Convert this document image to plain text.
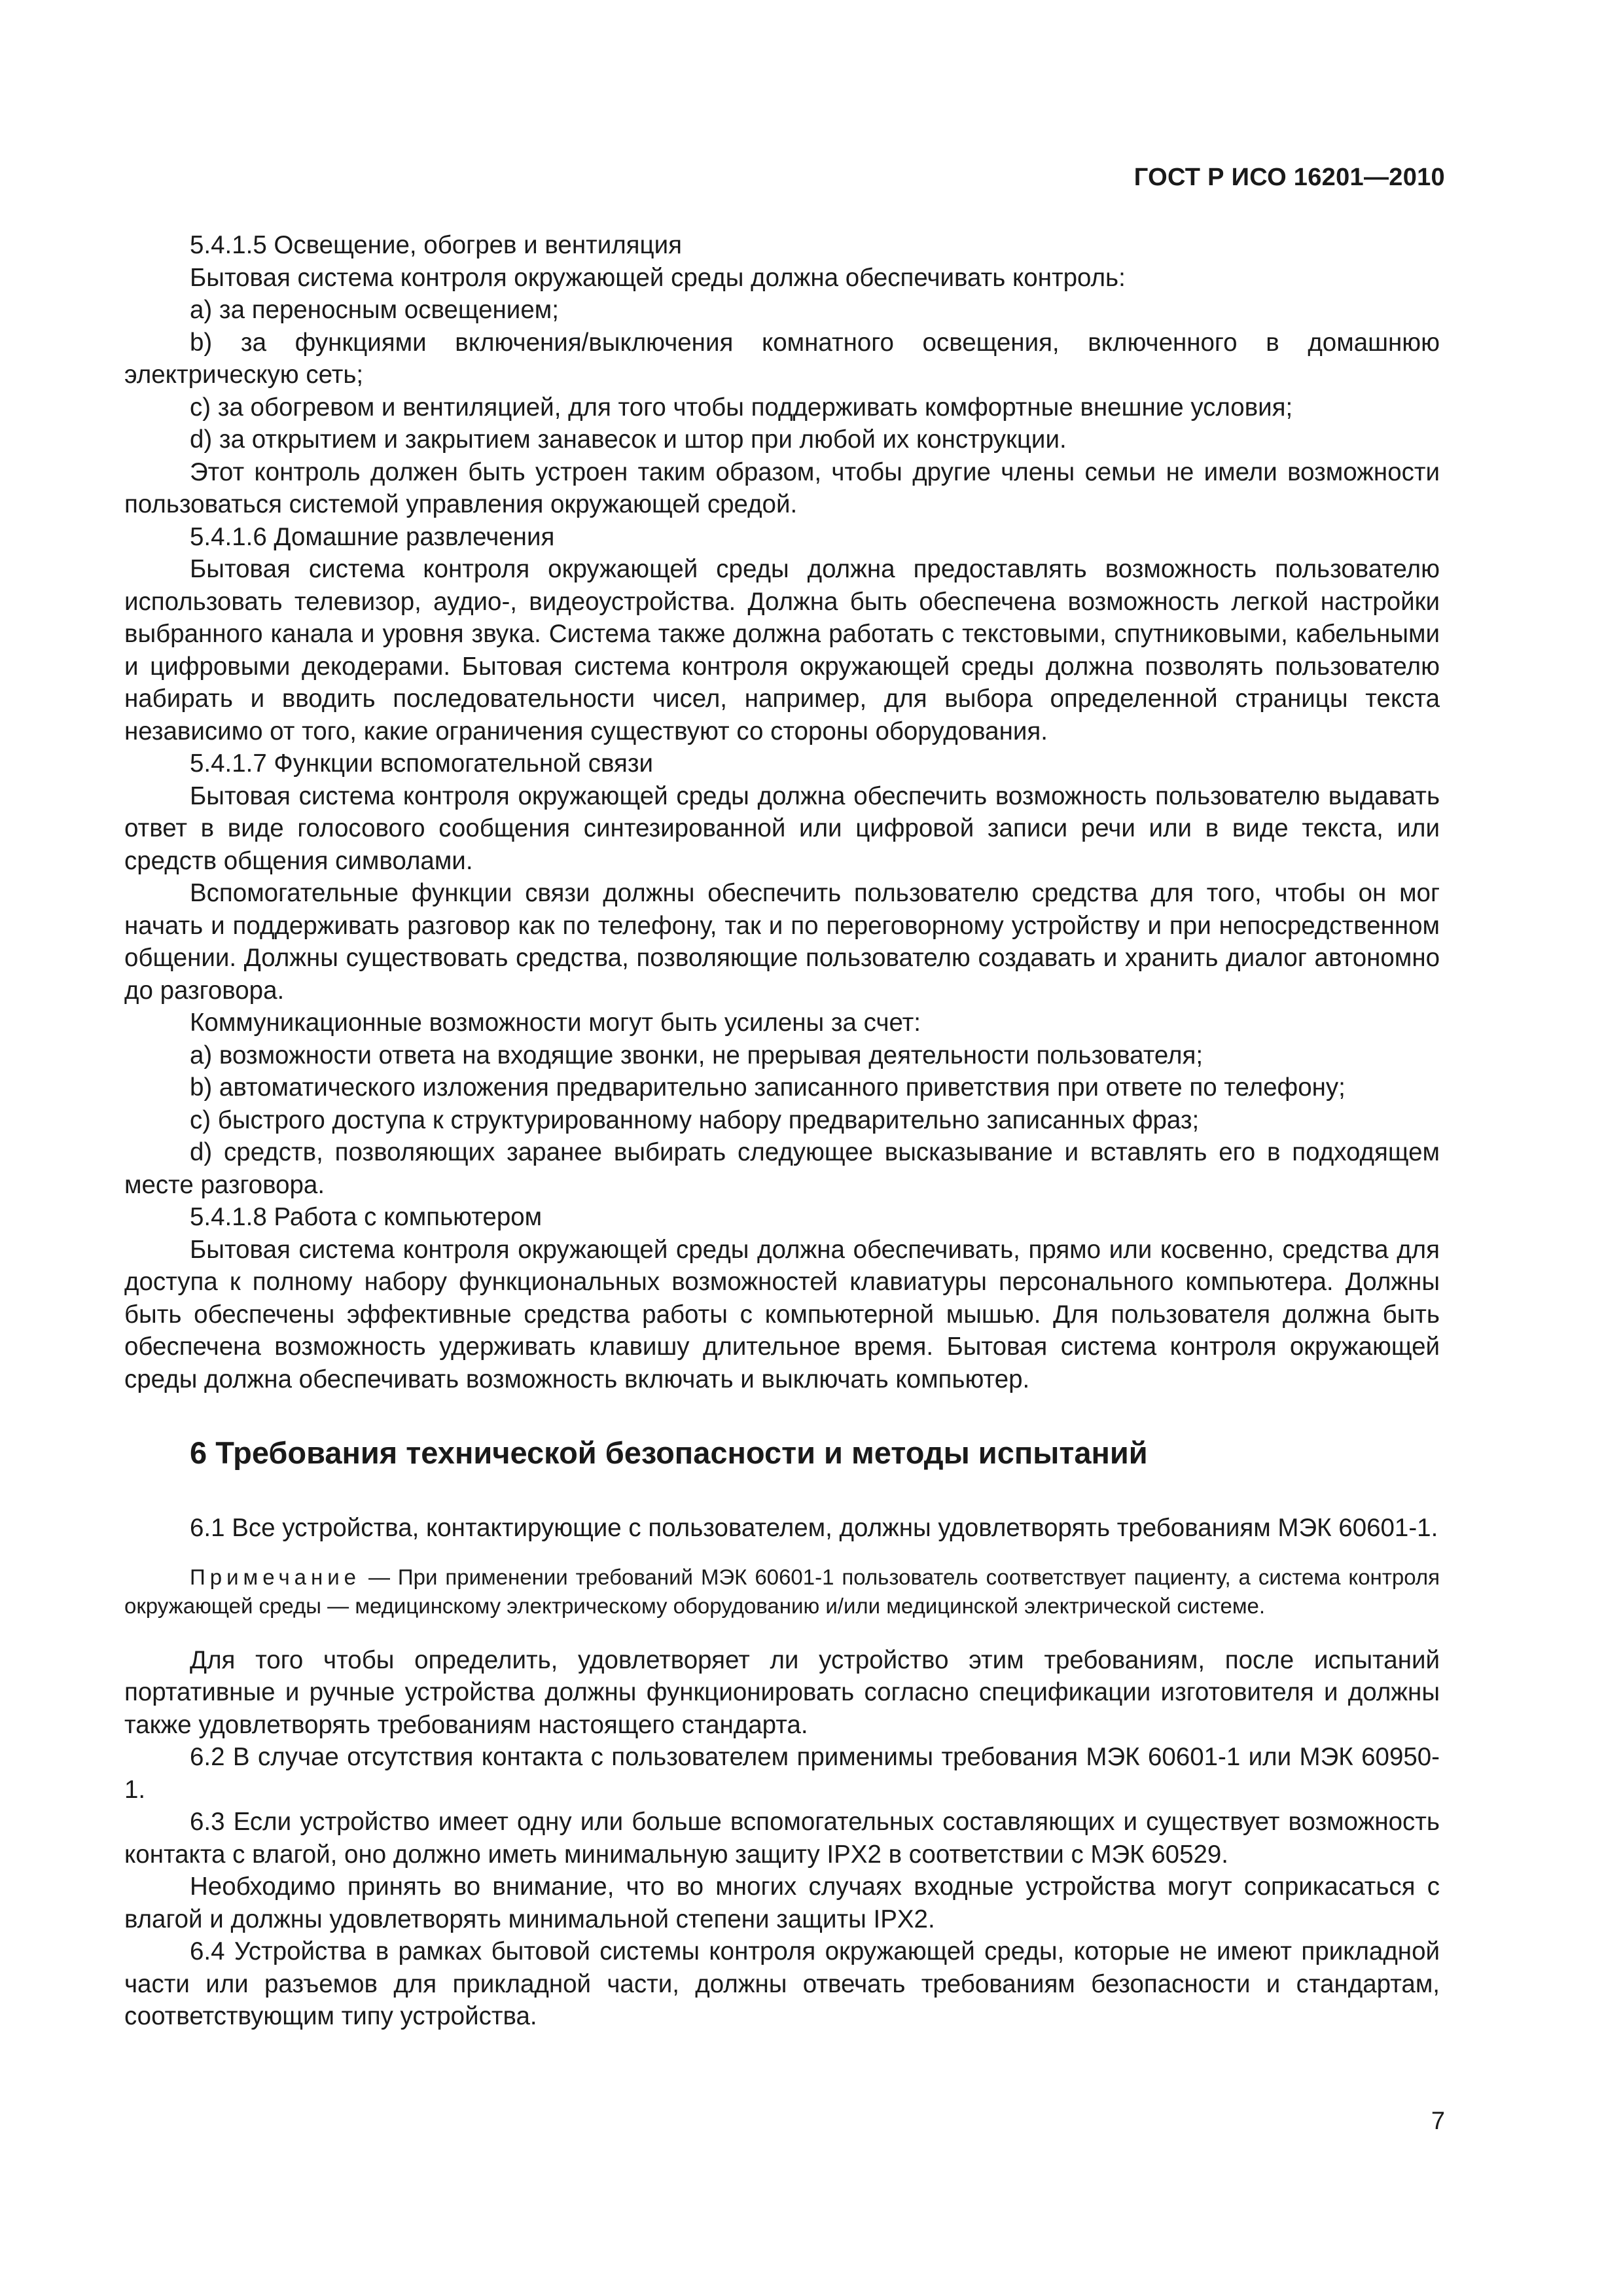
ГОСТ Р ИСО 16201—2010

5.4.1.5 Освещение, обогрев и вентиляция

Бытовая система контроля окружающей среды должна обеспечивать контроль:

a) за переносным освещением;

b) за функциями включения/выключения комнатного освещения, включенного в домашнюю электрическую сеть;

c) за обогревом и вентиляцией, для того чтобы поддерживать комфортные внешние условия;

d) за открытием и закрытием занавесок и штор при любой их конструкции.

Этот контроль должен быть устроен таким образом, чтобы другие члены семьи не имели возможности пользоваться системой управления окружающей средой.

5.4.1.6 Домашние развлечения

Бытовая система контроля окружающей среды должна предоставлять возможность пользователю использовать телевизор, аудио-, видеоустройства. Должна быть обеспечена возможность легкой настройки выбранного канала и уровня звука. Система также должна работать с текстовыми, спутниковыми, кабельными и цифровыми декодерами. Бытовая система контроля окружающей среды должна позволять пользователю набирать и вводить последовательности чисел, например, для выбора определенной страницы текста независимо от того, какие ограничения существуют со стороны оборудования.

5.4.1.7 Функции вспомогательной связи

Бытовая система контроля окружающей среды должна обеспечить возможность пользователю выдавать ответ в виде голосового сообщения синтезированной или цифровой записи речи или в виде текста, или средств общения символами.

Вспомогательные функции связи должны обеспечить пользователю средства для того, чтобы он мог начать и поддерживать разговор как по телефону, так и по переговорному устройству и при непосредственном общении. Должны существовать средства, позволяющие пользователю создавать и хранить диалог автономно до разговора.

Коммуникационные возможности могут быть усилены за счет:

a) возможности ответа на входящие звонки, не прерывая деятельности пользователя;

b) автоматического изложения предварительно записанного приветствия при ответе по телефону;

c) быстрого доступа к структурированному набору предварительно записанных фраз;

d) средств, позволяющих заранее выбирать следующее высказывание и вставлять его в подходящем месте разговора.

5.4.1.8 Работа с компьютером

Бытовая система контроля окружающей среды должна обеспечивать, прямо или косвенно, средства для доступа к полному набору функциональных возможностей клавиатуры персонального компьютера. Должны быть обеспечены эффективные средства работы с компьютерной мышью. Для пользователя должна быть обеспечена возможность удерживать клавишу длительное время. Бытовая система контроля окружающей среды должна обеспечивать возможность включать и выключать компьютер.

6 Требования технической безопасности и методы испытаний

6.1 Все устройства, контактирующие с пользователем, должны удовлетворять требованиям МЭК 60601-1.

Примечание — При применении требований МЭК 60601-1 пользователь соответствует пациенту, а система контроля окружающей среды — медицинскому электрическому оборудованию и/или медицинской электрической системе.

Для того чтобы определить, удовлетворяет ли устройство этим требованиям, после испытаний портативные и ручные устройства должны функционировать согласно спецификации изготовителя и должны также удовлетворять требованиям настоящего стандарта.

6.2 В случае отсутствия контакта с пользователем применимы требования МЭК 60601-1 или МЭК 60950-1.

6.3 Если устройство имеет одну или больше вспомогательных составляющих и существует возможность контакта с влагой, оно должно иметь минимальную защиту IPX2 в соответствии с МЭК 60529.

Необходимо принять во внимание, что во многих случаях входные устройства могут соприкасаться с влагой и должны удовлетворять минимальной степени защиты IPX2.

6.4 Устройства в рамках бытовой системы контроля окружающей среды, которые не имеют прикладной части или разъемов для прикладной части, должны отвечать требованиям безопасности и стандартам, соответствующим типу устройства.

7
